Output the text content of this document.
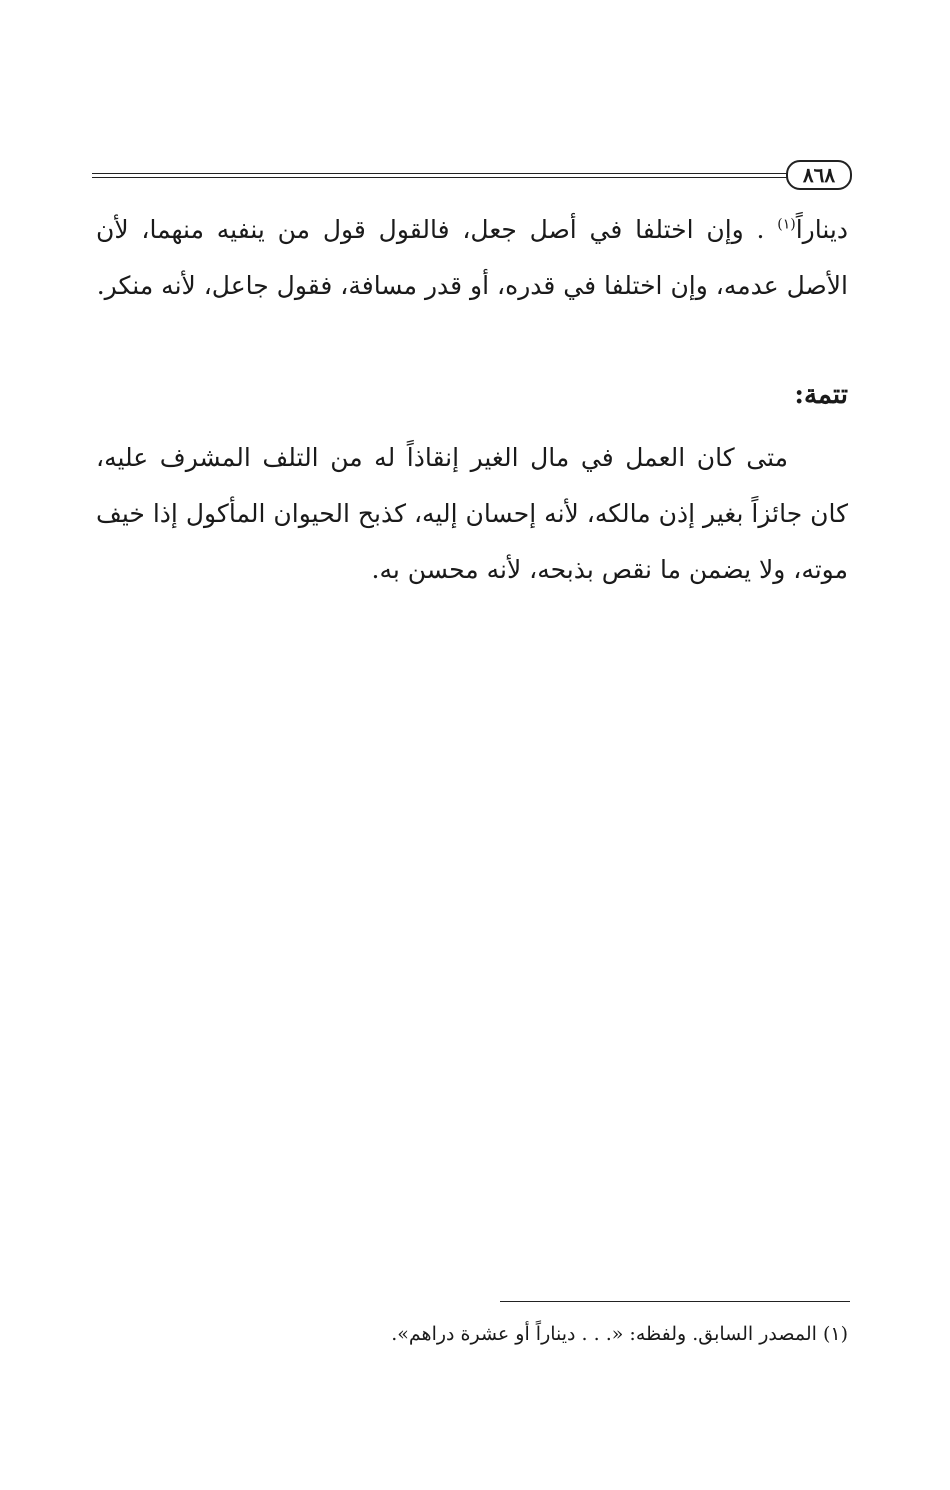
٨٦٨
ديناراً$^{(١)}$ . وإن اختلفا في أصل جعل، فالقول قول من ينفيه منهما، لأن الأصل عدمه، وإن اختلفا في قدره، أو قدر مسافة، فقول جاعل، لأنه منكر.
تتمة:
متى كان العمل في مال الغير إنقاذاً له من التلف المشرف عليه، كان جائزاً بغير إذن مالكه، لأنه إحسان إليه، كذبح الحيوان المأكول إذا خيف موته، ولا يضمن ما نقص بذبحه، لأنه محسن به.
(١) المصدر السابق. ولفظه: «. . . ديناراً أو عشرة دراهم».
